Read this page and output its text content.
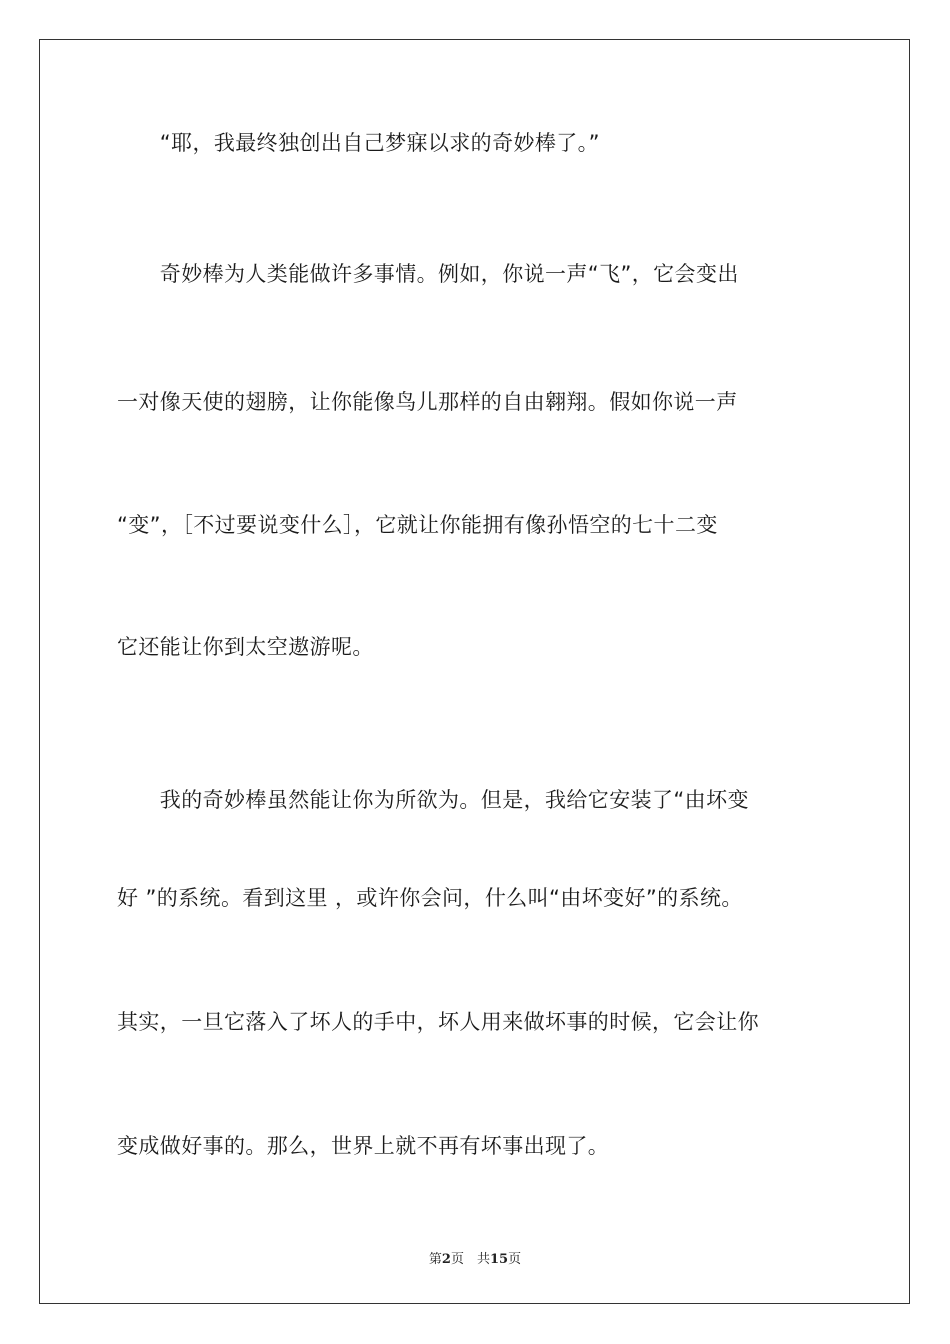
　　“耶，我最终独创出自己梦寐以求的奇妙棒了。”
　　奇妙棒为人类能做许多事情。例如，你说一声“飞”，它会变出
一对像天使的翅膀，让你能像鸟儿那样的自由翱翔。假如你说一声
“变”，［不过要说变什么］，它就让你能拥有像孙悟空的七十二变
它还能让你到太空遨游呢。
　　我的奇妙棒虽然能让你为所欲为。但是，我给它安装了“由坏变
好 ”的系统。看到这里 ，或许你会问，什么叫“由坏变好”的系统。
其实，一旦它落入了坏人的手中，坏人用来做坏事的时候，它会让你
变成做好事的。那么，世界上就不再有坏事出现了。
第2页　共15页
